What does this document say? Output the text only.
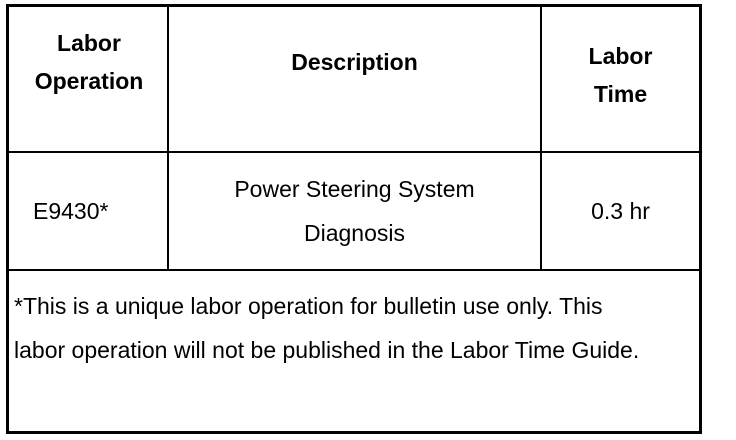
Labor Operation
Description	Labor Time
E9430*
Power Steering System Diagnosis
0.3 hr
*This is a unique labor operation for bulletin use only. This labor operation will not be published in the Labor Time Guide.
